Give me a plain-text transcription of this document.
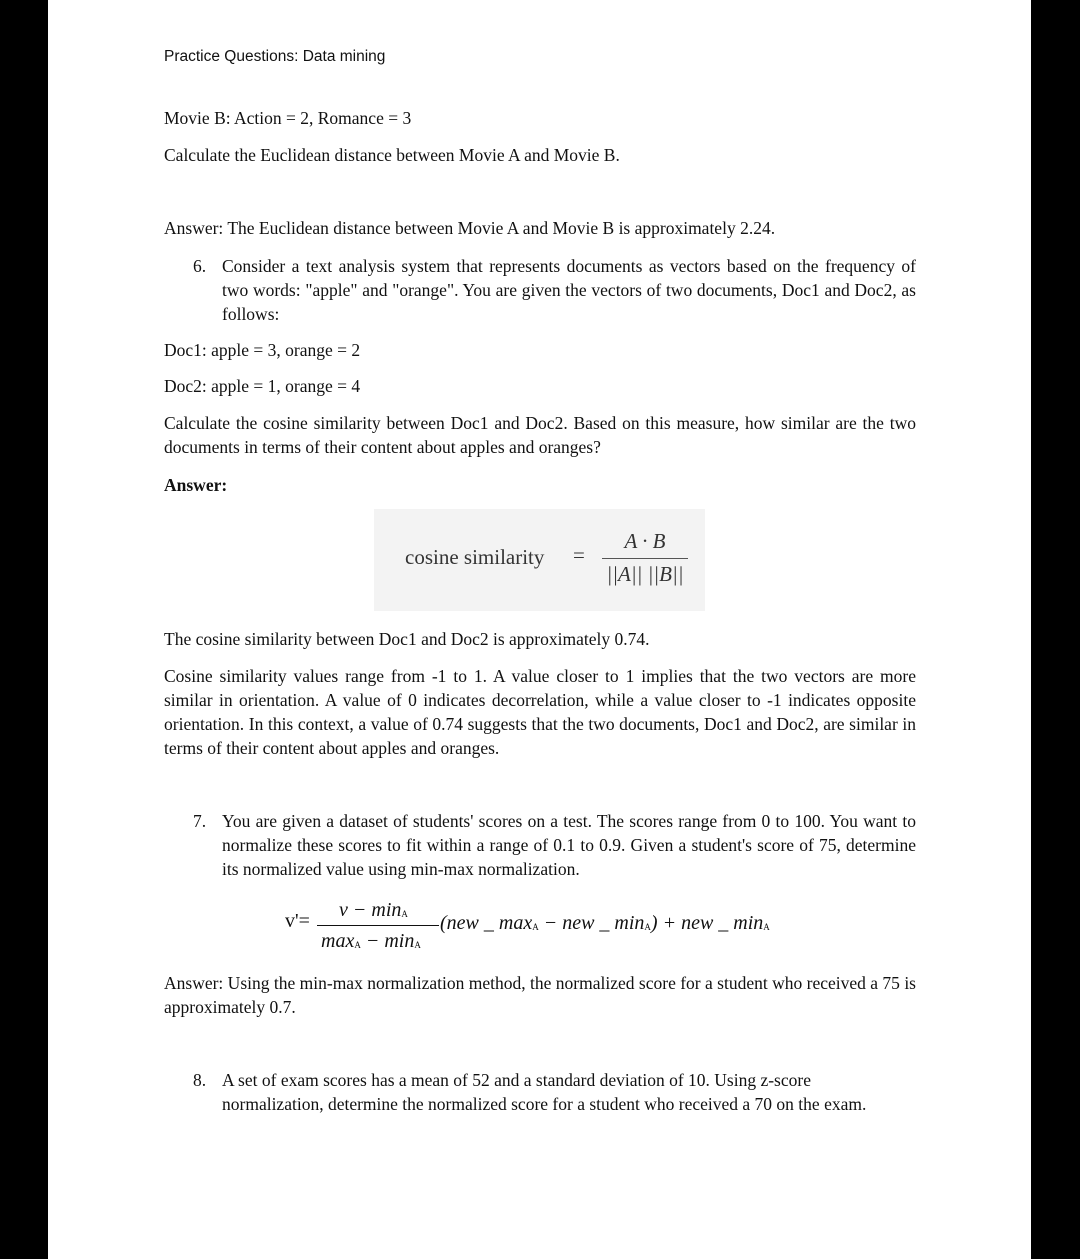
Practice Questions: Data mining
Movie B: Action = 2, Romance = 3
Calculate the Euclidean distance between Movie A and Movie B.
Answer: The Euclidean distance between Movie A and Movie B is approximately 2.24.
6. Consider a text analysis system that represents documents as vectors based on the frequency of two words: "apple" and "orange". You are given the vectors of two documents, Doc1 and Doc2, as follows:
Doc1: apple = 3, orange = 2
Doc2: apple = 1, orange = 4
Calculate the cosine similarity between Doc1 and Doc2. Based on this measure, how similar are the two documents in terms of their content about apples and oranges?
Answer:
cosine similarity =
A · B
||A|| ||B||
The cosine similarity between Doc1 and Doc2 is approximately 0.74.
Cosine similarity values range from -1 to 1. A value closer to 1 implies that the two vectors are more similar in orientation. A value of 0 indicates decorrelation, while a value closer to -1 indicates opposite orientation. In this context, a value of 0.74 suggests that the two documents, Doc1 and Doc2, are similar in terms of their content about apples and oranges.
7. You are given a dataset of students' scores on a test. The scores range from 0 to 100. You want to normalize these scores to fit within a range of 0.1 to 0.9. Given a student's score of 75, determine its normalized value using min-max normalization.
$v'= v - \min_A$
$\max_A - \min_A$
(new _ $\max_A$ − new _ $\min_A$) + new _ $\min_A$
Answer: Using the min-max normalization method, the normalized score for a student who received a 75 is approximately 0.7.
8. A set of exam scores has a mean of 52 and a standard deviation of 10. Using z-score normalization, determine the normalized score for a student who received a 70 on the exam.
